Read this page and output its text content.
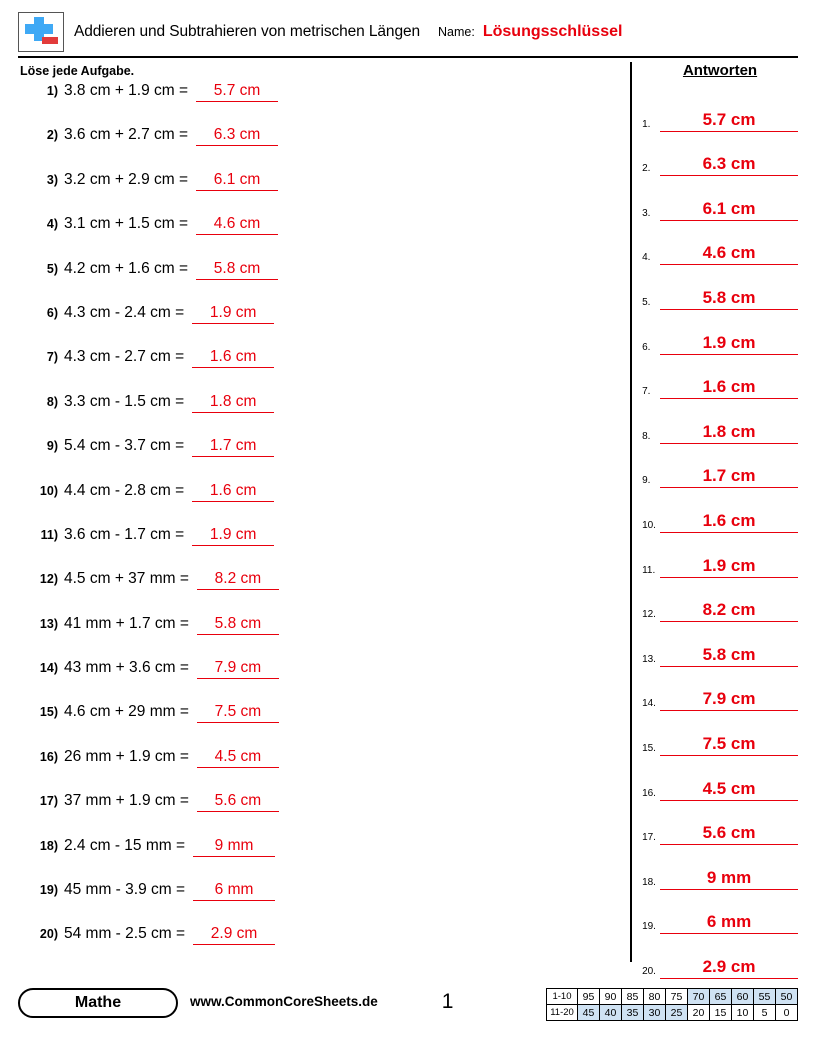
Addieren und Subtrahieren von metrischen Längen Name: Lösungsschlüssel
Löse jede Aufgabe.
1) 3.8 cm + 1.9 cm =	5.7 cm
2) 3.6 cm + 2.7 cm =	6.3 cm
3) 3.2 cm + 2.9 cm =	6.1 cm
4) 3.1 cm + 1.5 cm =	4.6 cm
5) 4.2 cm + 1.6 cm =	5.8 cm
6) 4.3 cm - 2.4 cm =	1.9 cm
7) 4.3 cm - 2.7 cm =	1.6 cm
8) 3.3 cm - 1.5 cm =	1.8 cm
9) 5.4 cm - 3.7 cm =	1.7 cm
10) 4.4 cm - 2.8 cm =	1.6 cm
11) 3.6 cm - 1.7 cm =	1.9 cm
12) 4.5 cm + 37 mm =	8.2 cm
13) 41 mm + 1.7 cm =	5.8 cm
14) 43 mm + 3.6 cm =	7.9 cm
15) 4.6 cm + 29 mm =	7.5 cm
16) 26 mm + 1.9 cm =	4.5 cm
17) 37 mm + 1.9 cm =	5.6 cm
18) 2.4 cm - 15 mm =	9 mm
19) 45 mm - 3.9 cm =	6 mm
20) 54 mm - 2.5 cm =	2.9 cm
Antworten
1.	5.7 cm
2.	6.3 cm
3.	6.1 cm
4.	4.6 cm
5.	5.8 cm
6.	1.9 cm
7.	1.6 cm
8.	1.8 cm
9.	1.7 cm
10.	1.6 cm
11.	1.9 cm
12.	8.2 cm
13.	5.8 cm
14.	7.9 cm
15.	7.5 cm
16.	4.5 cm
17.	5.6 cm
18.	9 mm
19.	6 mm
20.	2.9 cm
Mathe	www.CommonCoreSheets.de	1	1-10	95	90	85	80	75	70	65	60	55	50
11-20	45	40	35	30	25	20	15	10	5	0
